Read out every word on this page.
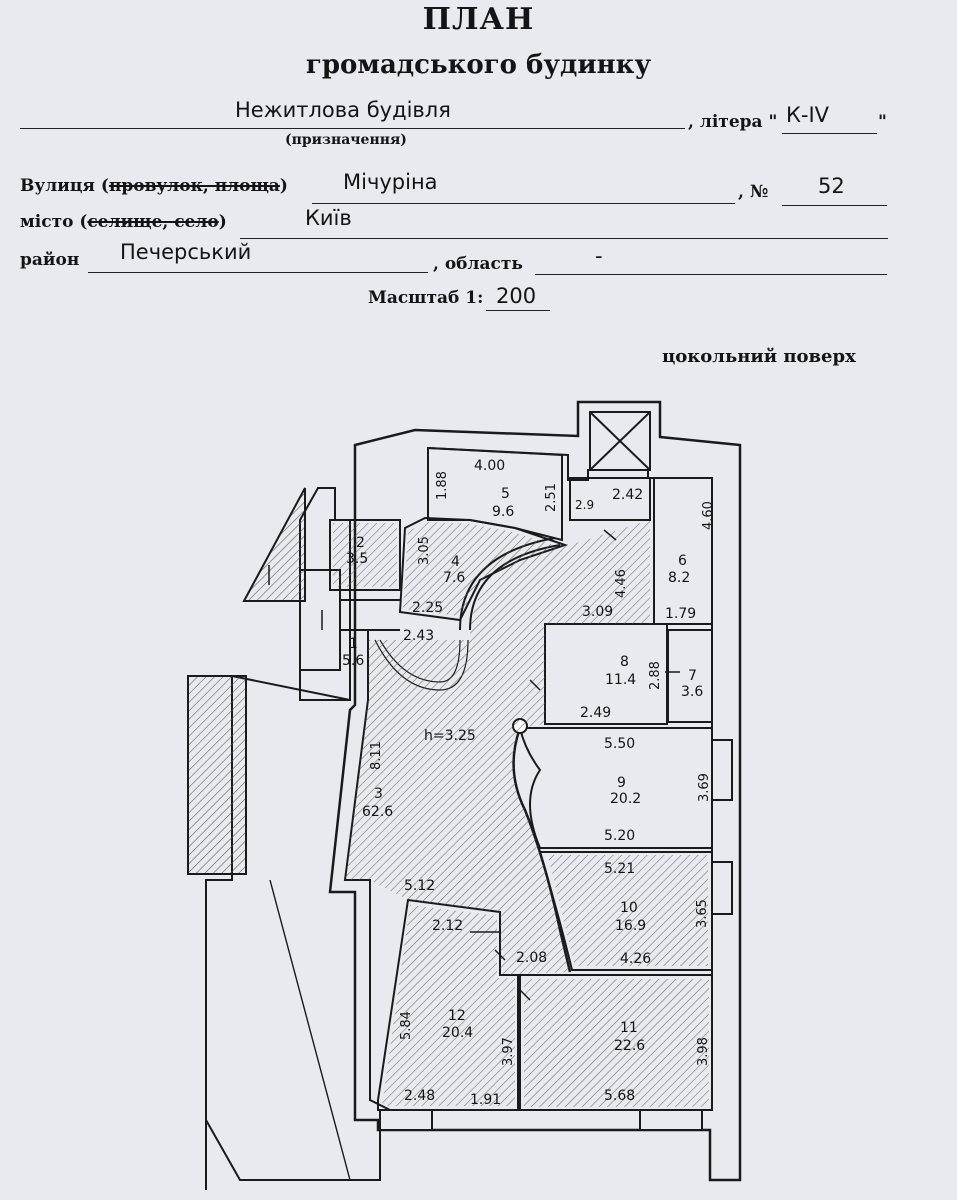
ПЛАН
громадського будинку
Нежитлова будівля	, літера " К-IV	"
(призначення)
Вулиця (провулок, площа)	Мічуріна	, № 52
місто (селище, село)	Київ
район Печерський	, область	-
Масштаб 1: 200
цокольний поверх
4.00
1.88	2.51
5
9.6	2.9
2.42
4.60
6
8.2
1.79
3.05 4
7.6
2.25
2
3.5
1
5.6
2.43
4.46
3.09
8
11.4 2.88 7
3.6
2.49
h=3.25
8.11	5.50
3.69
9
20.2
5.20
3
62.6
5.21
5.12
3.65
10
16.9
4.26
2.12
2.08
5.84 12
20.4
3.97
11
22.6	3.98
2.48 1.91	5.68
